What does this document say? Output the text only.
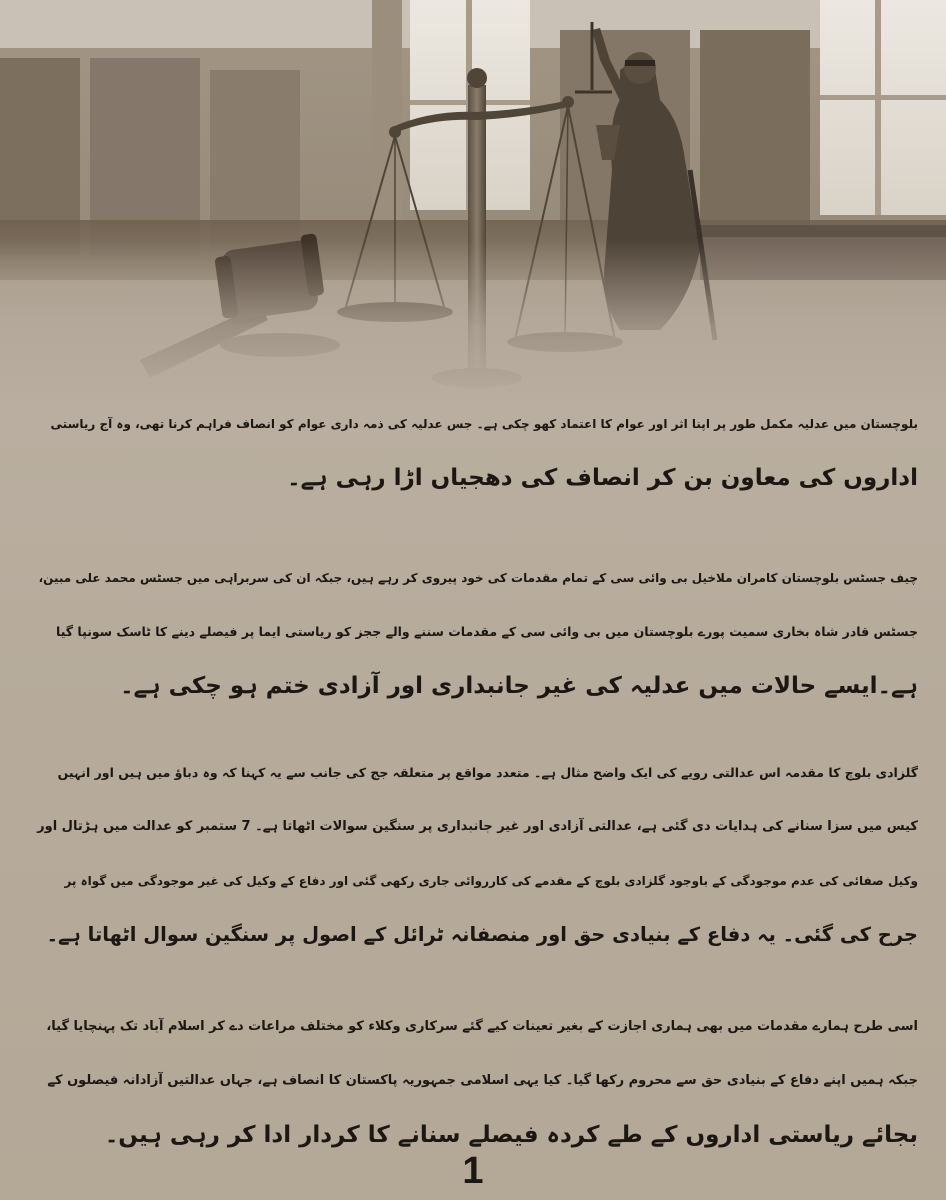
بلوچستان میں عدلیہ مکمل طور پر اپنا اثر اور عوام کا اعتماد کھو چکی ہے۔ جس عدلیہ کی ذمہ داری عوام کو انصاف فراہم کرنا تھی، وہ آج ریاستی
اداروں کی معاون بن کر انصاف کی دھجیاں اڑا رہی ہے۔
چیف جسٹس بلوچستان کامران ملاخیل بی وائی سی کے تمام مقدمات کی خود پیروی کر رہے ہیں، جبکہ ان کی سربراہی میں جسٹس محمد علی مبین،
جسٹس قادر شاہ بخاری سمیت پورے بلوچستان میں بی وائی سی کے مقدمات سننے والے ججز کو ریاستی ایما پر فیصلے دینے کا ٹاسک سونپا گیا
ہے۔ایسے حالات میں عدلیہ کی غیر جانبداری اور آزادی ختم ہو چکی ہے۔
گلزادی بلوچ کا مقدمہ اس عدالتی رویے کی ایک واضح مثال ہے۔ متعدد مواقع پر متعلقہ جج کی جانب سے یہ کہنا کہ وہ دباؤ میں ہیں اور انہیں
کیس میں سزا سنانے کی ہدایات دی گئی ہے، عدالتی آزادی اور غیر جانبداری پر سنگین سوالات اٹھاتا ہے۔ 7 ستمبر کو عدالت میں ہڑتال اور
وکیل صفائی کی عدم موجودگی کے باوجود گلزادی بلوچ کے مقدمے کی کارروائی جاری رکھی گئی اور دفاع کے وکیل کی غیر موجودگی میں گواہ پر
جرح کی گئی۔ یہ دفاع کے بنیادی حق اور منصفانہ ٹرائل کے اصول پر سنگین سوال اٹھاتا ہے۔
اسی طرح ہمارے مقدمات میں بھی ہماری اجازت کے بغیر تعینات کیے گئے سرکاری وکلاء کو مختلف مراعات دے کر اسلام آباد تک پہنچایا گیا،
جبکہ ہمیں اپنے دفاع کے بنیادی حق سے محروم رکھا گیا۔ کیا یہی اسلامی جمہوریہ پاکستان کا انصاف ہے، جہاں عدالتیں آزادانہ فیصلوں کے
بجائے ریاستی اداروں کے طے کردہ فیصلے سنانے کا کردار ادا کر رہی ہیں۔
1
